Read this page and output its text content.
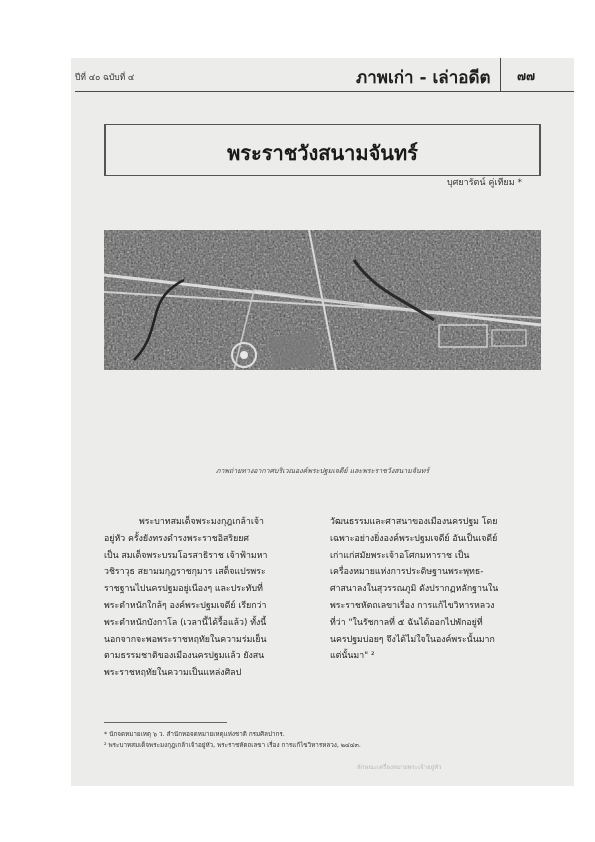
ปีที่ ๔๐ ฉบับที่ ๔	ภาพเก่า - เล่าอดีต ๗๗
พระราชวังสนามจันทร์
บุศยารัตน์ คู่เทียม *
ภาพถ่ายทางอากาศบริเวณองค์พระปฐมเจดีย์ และพระราชวังสนามจันทร์

พระบาทสมเด็จพระมงกุฎเกล้าเจ้า

อยู่หัว ครั้งยังทรงดำรงพระราชอิสริยยศ

เป็น สมเด็จพระบรมโอรสาธิราช เจ้าฟ้ามหา

วชิราวุธ สยามมกุฎราชกุมาร เสด็จแปรพระ

ราชฐานไปนครปฐมอยู่เนืองๆ และประทับที่

พระตำหนักใกล้ๆ องค์พระปฐมเจดีย์ เรียกว่า

พระตำหนักบังกาโล (เวลานี้ได้รื้อแล้ว) ทั้งนี้

นอกจากจะพอพระราชหฤทัยในความร่มเย็น

ตามธรรมชาติของเมืองนครปฐมแล้ว ยังสน

พระราชหฤทัยในความเป็นแหล่งศิลป

วัฒนธรรมและศาสนาของเมืองนครปฐม โดย

เฉพาะอย่างยิ่งองค์พระปฐมเจดีย์ อันเป็นเจดีย์

เก่าแก่สมัยพระเจ้าอโศกมหาราช เป็น

เครื่องหมายแห่งการประดิษฐานพระพุทธ-

ศาสนาลงในสุวรรณภูมิ ดังปรากฏหลักฐานใน

พระราชหัตถเลขาเรื่อง การแก้ไขวิหารหลวง

ที่ว่า "ในรัชกาลที่ ๕ ฉันได้ออกไปพักอยู่ที่

นครปฐมบ่อยๆ จึงได้ไม่ใจในองค์พระนั้นมาก

แต่นั้นมา" ²

* นักจดหมายเหตุ ๖ ว. สำนักหอจดหมายเหตุแห่งชาติ กรมศิลปากร.

² พระบาทสมเด็จพระมงกุฎเกล้าเจ้าอยู่หัว, พระราชหัตถเลขา เรื่อง การแก้ไขวิหารหลวง, ๒๔๔๓.

ลักษณะเครื่องหมายพระเจ้าอยู่หัว
